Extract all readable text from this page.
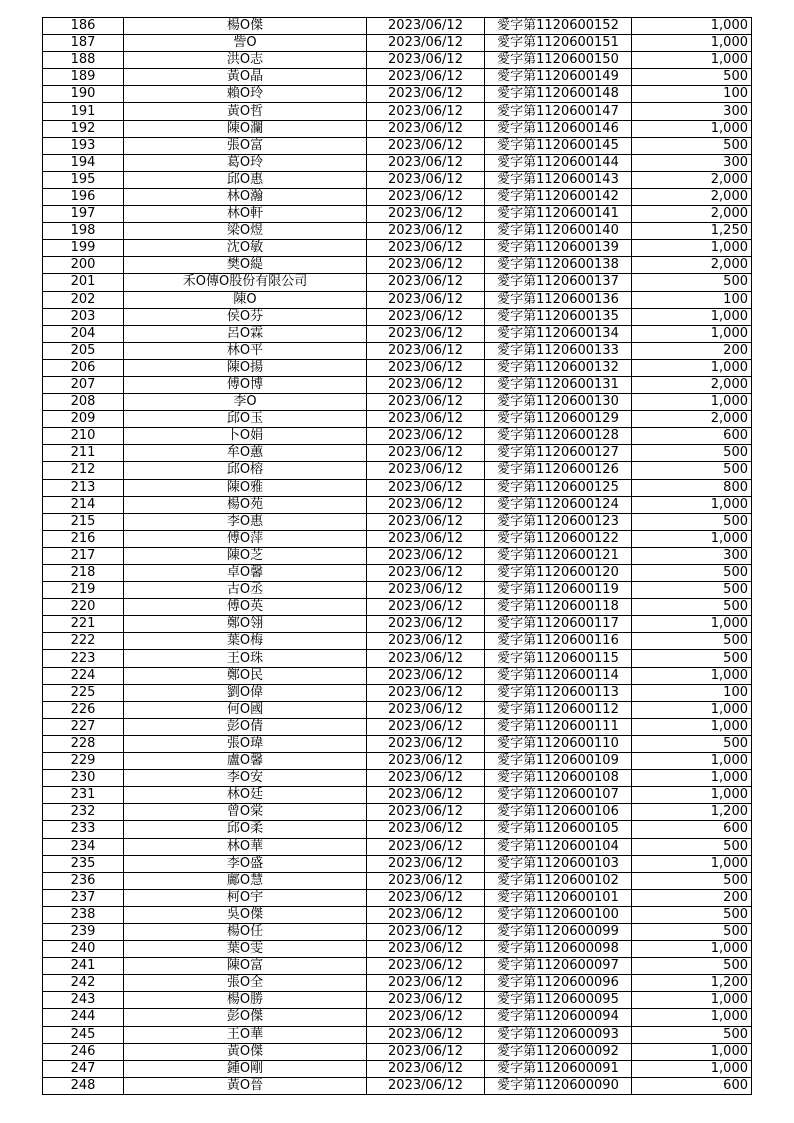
186	楊O傑	2023/06/12	愛字第1120600152	1,000
187	訾O	2023/06/12	愛字第1120600151	1,000
188	洪O志	2023/06/12	愛字第1120600150	1,000
189	黃O晶	2023/06/12	愛字第1120600149	500
190	賴O玲	2023/06/12	愛字第1120600148	100
191	黃O哲	2023/06/12	愛字第1120600147	300
192	陳O瀾	2023/06/12	愛字第1120600146	1,000
193	張O富	2023/06/12	愛字第1120600145	500
194	葛O玲	2023/06/12	愛字第1120600144	300
195	邱O惠	2023/06/12	愛字第1120600143	2,000
196	林O瀚	2023/06/12	愛字第1120600142	2,000
197	林O軒	2023/06/12	愛字第1120600141	2,000
198	梁O煜	2023/06/12	愛字第1120600140	1,250
199	沈O敏	2023/06/12	愛字第1120600139	1,000
200	樊O緹	2023/06/12	愛字第1120600138	2,000
201	禾O傳O股份有限公司	2023/06/12	愛字第1120600137	500
202	陳O	2023/06/12	愛字第1120600136	100
203	侯O芬	2023/06/12	愛字第1120600135	1,000
204	呂O霖	2023/06/12	愛字第1120600134	1,000
205	林O平	2023/06/12	愛字第1120600133	200
206	陳O揚	2023/06/12	愛字第1120600132	1,000
207	傅O博	2023/06/12	愛字第1120600131	2,000
208	李O	2023/06/12	愛字第1120600130	1,000
209	邱O玉	2023/06/12	愛字第1120600129	2,000
210	卜O娟	2023/06/12	愛字第1120600128	600
211	牟O蕙	2023/06/12	愛字第1120600127	500
212	邱O榕	2023/06/12	愛字第1120600126	500
213	陳O雅	2023/06/12	愛字第1120600125	800
214	楊O苑	2023/06/12	愛字第1120600124	1,000
215	李O惠	2023/06/12	愛字第1120600123	500
216	傅O萍	2023/06/12	愛字第1120600122	1,000
217	陳O芝	2023/06/12	愛字第1120600121	300
218	卓O馨	2023/06/12	愛字第1120600120	500
219	古O丞	2023/06/12	愛字第1120600119	500
220	傅O英	2023/06/12	愛字第1120600118	500
221	鄭O翎	2023/06/12	愛字第1120600117	1,000
222	葉O梅	2023/06/12	愛字第1120600116	500
223	王O珠	2023/06/12	愛字第1120600115	500
224	鄭O民	2023/06/12	愛字第1120600114	1,000
225	劉O偉	2023/06/12	愛字第1120600113	100
226	何O國	2023/06/12	愛字第1120600112	1,000
227	彭O倩	2023/06/12	愛字第1120600111	1,000
228	張O瑋	2023/06/12	愛字第1120600110	500
229	盧O馨	2023/06/12	愛字第1120600109	1,000
230	李O安	2023/06/12	愛字第1120600108	1,000
231	林O廷	2023/06/12	愛字第1120600107	1,000
232	曾O棠	2023/06/12	愛字第1120600106	1,200
233	邱O柔	2023/06/12	愛字第1120600105	600
234	林O華	2023/06/12	愛字第1120600104	500
235	李O盛	2023/06/12	愛字第1120600103	1,000
236	鄺O慧	2023/06/12	愛字第1120600102	500
237	柯O宇	2023/06/12	愛字第1120600101	200
238	吳O傑	2023/06/12	愛字第1120600100	500
239	楊O任	2023/06/12	愛字第1120600099	500
240	葉O雯	2023/06/12	愛字第1120600098	1,000
241	陳O富	2023/06/12	愛字第1120600097	500
242	張O全	2023/06/12	愛字第1120600096	1,200
243	楊O勝	2023/06/12	愛字第1120600095	1,000
244	彭O傑	2023/06/12	愛字第1120600094	1,000
245	王O華	2023/06/12	愛字第1120600093	500
246	黃O傑	2023/06/12	愛字第1120600092	1,000
247	鍾O剛	2023/06/12	愛字第1120600091	1,000
248	黃O晉	2023/06/12	愛字第1120600090	600
